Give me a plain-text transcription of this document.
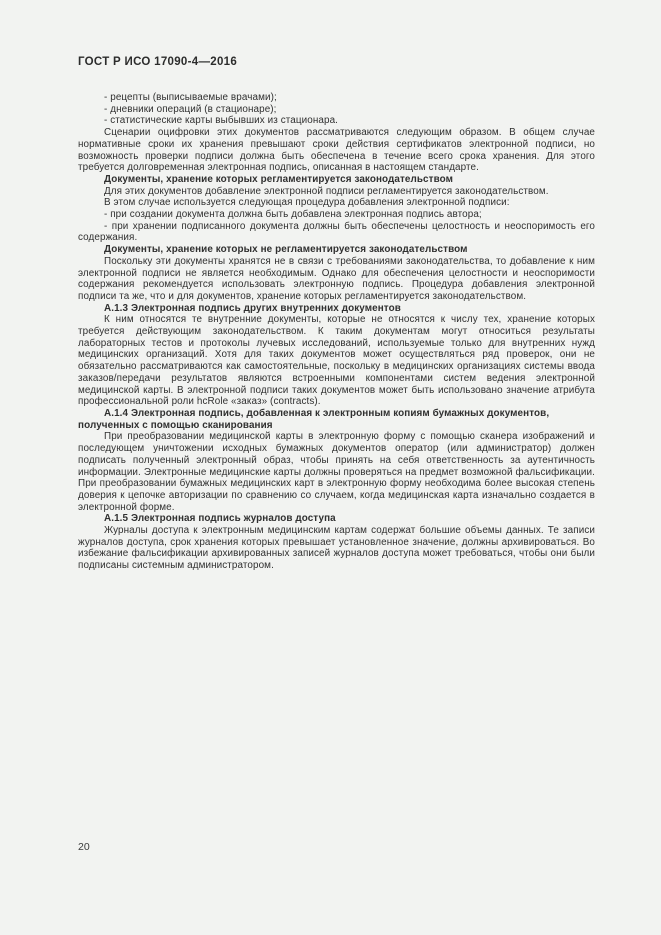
ГОСТ Р ИСО 17090-4—2016

- рецепты (выписываемые врачами);

- дневники операций (в стационаре);

- статистические карты выбывших из стационара.

Сценарии оцифровки этих документов рассматриваются следующим образом. В общем случае нормативные сроки их хранения превышают сроки действия сертификатов электронной подписи, но возможность проверки подписи должна быть обеспечена в течение всего срока хранения. Для этого требуется долговременная электронная подпись, описанная в настоящем стандарте.

Документы, хранение которых регламентируется законодательством

Для этих документов добавление электронной подписи регламентируется законодательством.

В этом случае используется следующая процедура добавления электронной подписи:

- при создании документа должна быть добавлена электронная подпись автора;

- при хранении подписанного документа должны быть обеспечены целостность и неоспоримость его содержания.

Документы, хранение которых не регламентируется законодательством

Поскольку эти документы хранятся не в связи с требованиями законодательства, то добавление к ним электронной подписи не является необходимым. Однако для обеспечения целостности и неоспоримости содержания рекомендуется использовать электронную подпись. Процедура добавления электронной подписи та же, что и для документов, хранение которых регламентируется законодательством.

А.1.3 Электронная подпись других внутренних документов

К ним относятся те внутренние документы, которые не относятся к числу тех, хранение которых требуется действующим законодательством. К таким документам могут относиться результаты лабораторных тестов и протоколы лучевых исследований, используемые только для внутренних нужд медицинских организаций. Хотя для таких документов может осуществляться ряд проверок, они не обязательно рассматриваются как самостоятельные, поскольку в медицинских организациях системы ввода заказов/передачи результатов являются встроенными компонентами систем ведения электронной медицинской карты. В электронной подписи таких документов может быть использовано значение атрибута профессиональной роли hcRole «заказ» (contracts).

А.1.4 Электронная подпись, добавленная к электронным копиям бумажных документов, полученных с помощью сканирования

При преобразовании медицинской карты в электронную форму с помощью сканера изображений и последующем уничтожении исходных бумажных документов оператор (или администратор) должен подписать полученный электронный образ, чтобы принять на себя ответственность за аутентичность информации. Электронные медицинские карты должны проверяться на предмет возможной фальсификации. При преобразовании бумажных медицинских карт в электронную форму необходима более высокая степень доверия к цепочке авторизации по сравнению со случаем, когда медицинская карта изначально создается в электронной форме.

А.1.5 Электронная подпись журналов доступа

Журналы доступа к электронным медицинским картам содержат большие объемы данных. Те записи журналов доступа, срок хранения которых превышает установленное значение, должны архивироваться. Во избежание фальсификации архивированных записей журналов доступа может требоваться, чтобы они были подписаны системным администратором.

20
